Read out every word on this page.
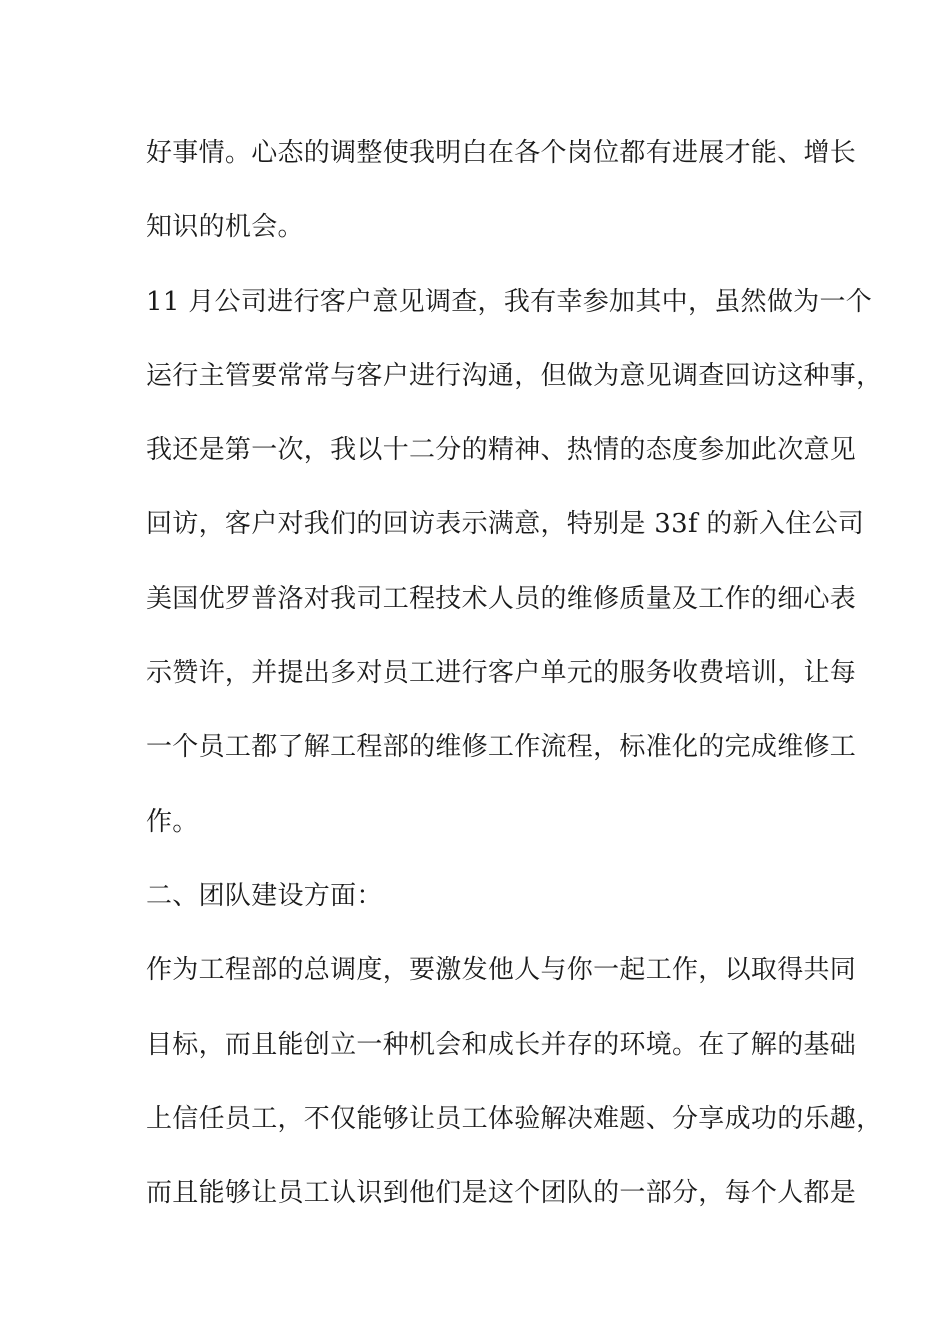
好事情。心态的调整使我明白在各个岗位都有进展才能、增长
知识的机会。
11 月公司进行客户意见调查，我有幸参加其中，虽然做为一个
运行主管要常常与客户进行沟通，但做为意见调查回访这种事，
我还是第一次，我以十二分的精神、热情的态度参加此次意见
回访，客户对我们的回访表示满意，特别是 33f 的新入住公司
美国优罗普洛对我司工程技术人员的维修质量及工作的细心表
示赞许，并提出多对员工进行客户单元的服务收费培训，让每
一个员工都了解工程部的维修工作流程，标准化的完成维修工
作。
二、团队建设方面：
作为工程部的总调度，要激发他人与你一起工作，以取得共同
目标，而且能创立一种机会和成长并存的环境。在了解的基础
上信任员工，不仅能够让员工体验解决难题、分享成功的乐趣，
而且能够让员工认识到他们是这个团队的一部分，每个人都是
